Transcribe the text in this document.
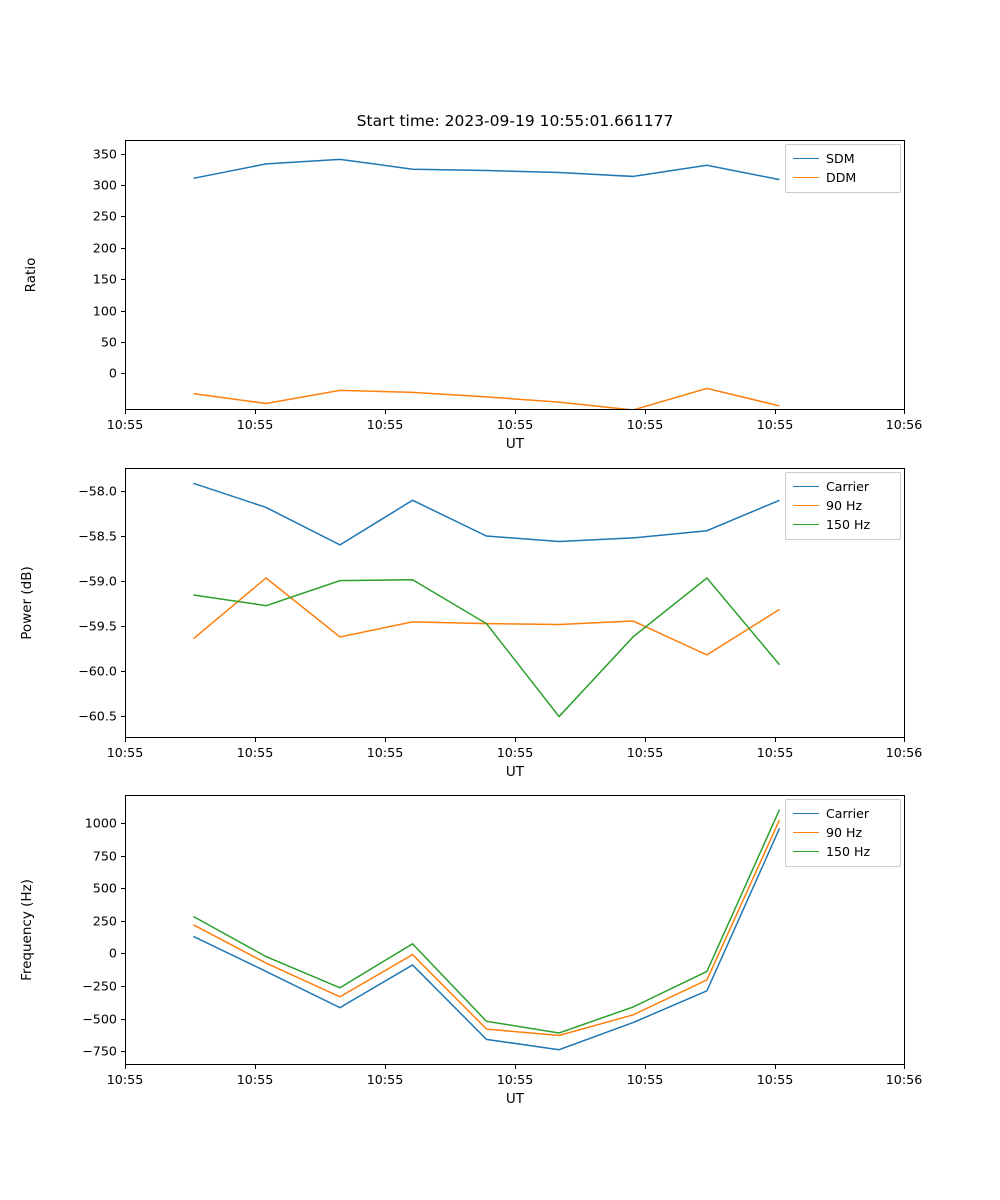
Start time: 2023-09-19 10:55:01.661177
0
50
100
150
200
250
300
350
10:55	10:55	10:55	10:55	10:55	10:55	10:56
UT
Ratio
SDM
DDM
−60.5
−60.0
−59.5
−59.0
−58.5
−58.0
10:55	10:55	10:55	10:55	10:55	10:55	10:56
UT
Power (dB)
Carrier
90 Hz
150 Hz
−750
−500
−250
0
250
500
750
1000
10:55	10:55	10:55	10:55	10:55	10:55	10:56
UT
Frequency (Hz)
Carrier
90 Hz
150 Hz
